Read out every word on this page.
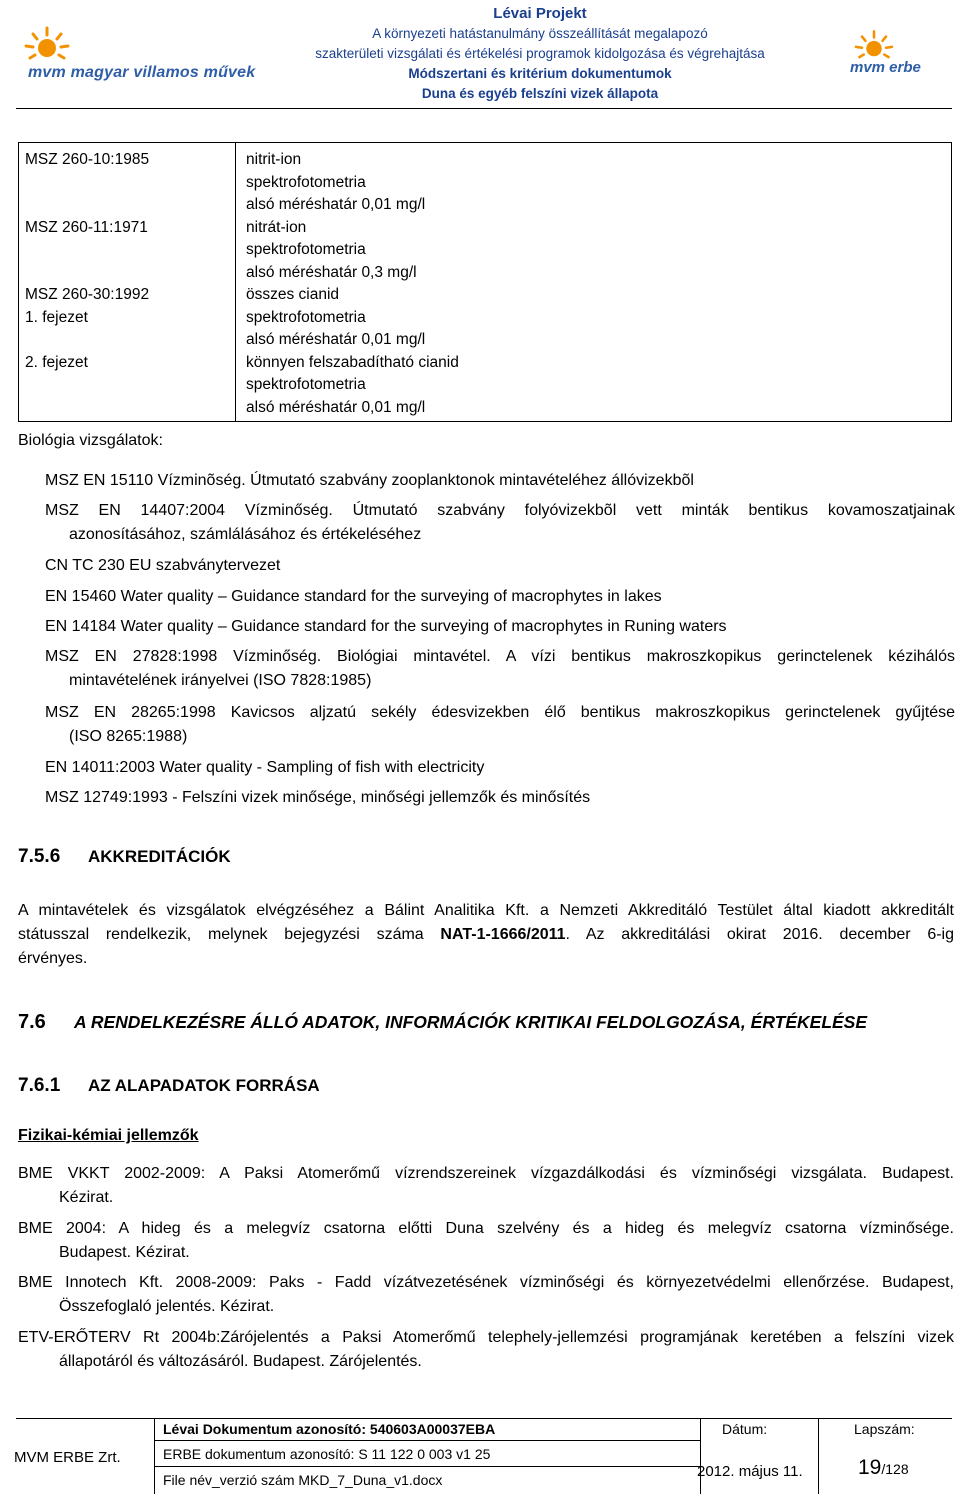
mvm magyar villamos művek
Lévai Projekt
A környezeti hatástanulmány összeállítását megalapozó
szakterületi vizsgálati és értékelési programok kidolgozása és végrehajtása
Módszertani és kritérium dokumentumok
Duna és egyéb felszíni vizek állapota
mvm erbe
MSZ 260-10:1985
MSZ 260-11:1971
MSZ 260-30:1992
1. fejezet
2. fejezet
nitrit-ion
spektrofotometria
alsó méréshatár 0,01 mg/l
nitrát-ion
spektrofotometria
alsó méréshatár 0,3 mg/l
összes cianid
spektrofotometria
alsó méréshatár 0,01 mg/l
könnyen felszabadítható cianid
spektrofotometria
alsó méréshatár 0,01 mg/l
Biológia vizsgálatok:
MSZ EN 15110 Vízminõség. Útmutató szabvány zooplanktonok mintavételéhez állóvizekbõl
MSZ EN 14407:2004 Vízminőség. Útmutató szabvány folyóvizekbõl vett minták bentikus kovamoszatjainak
azonosításához, számlálásához és értékeléséhez
CN TC 230 EU szabványtervezet
EN 15460 Water quality – Guidance standard for the surveying of macrophytes in lakes
EN 14184 Water quality – Guidance standard for the surveying of macrophytes in Runing waters
MSZ EN 27828:1998 Vízminőség. Biológiai mintavétel. A vízi bentikus makroszkopikus gerinctelenek kézihálós
mintavételének irányelvei (ISO 7828:1985)
MSZ EN 28265:1998 Kavicsos aljzatú sekély édesvizekben élő bentikus makroszkopikus gerinctelenek gyűjtése
(ISO 8265:1988)
EN 14011:2003 Water quality - Sampling of fish with electricity
MSZ 12749:1993 - Felszíni vizek minősége, minőségi jellemzők és minősítés
7.5.6 AKKREDITÁCIÓK
A mintavételek és vizsgálatok elvégzéséhez a Bálint Analitika Kft. a Nemzeti Akkreditáló Testület által kiadott akkreditált
státusszal rendelkezik, melynek bejegyzési száma NAT-1-1666/2011. Az akkreditálási okirat 2016. december 6-ig
érvényes.
7.6 A RENDELKEZÉSRE ÁLLÓ ADATOK, INFORMÁCIÓK KRITIKAI FELDOLGOZÁSA, ÉRTÉKELÉSE
7.6.1 AZ ALAPADATOK FORRÁSA
Fizikai-kémiai jellemzők
BME VKKT 2002-2009: A Paksi Atomerőmű vízrendszereinek vízgazdálkodási és vízminőségi vizsgálata. Budapest.
Kézirat.
BME 2004: A hideg és a melegvíz csatorna előtti Duna szelvény és a hideg és melegvíz csatorna vízminősége.
Budapest. Kézirat.
BME Innotech Kft. 2008-2009: Paks - Fadd vízátvezetésének vízminőségi és környezetvédelmi ellenőrzése. Budapest,
Összefoglaló jelentés. Kézirat.
ETV-ERŐTERV Rt 2004b:Zárójelentés a Paksi Atomerőmű telephely-jellemzési programjának keretében a felszíni vizek
állapotáról és változásáról. Budapest. Zárójelentés.
MVM ERBE Zrt.
Lévai Dokumentum azonosító: 540603A00037EBA
ERBE dokumentum azonosító: S 11 122 0 003 v1 25
File név_verzió szám MKD_7_Duna_v1.docx
Dátum:
2012. május 11.
Lapszám:
19/128
